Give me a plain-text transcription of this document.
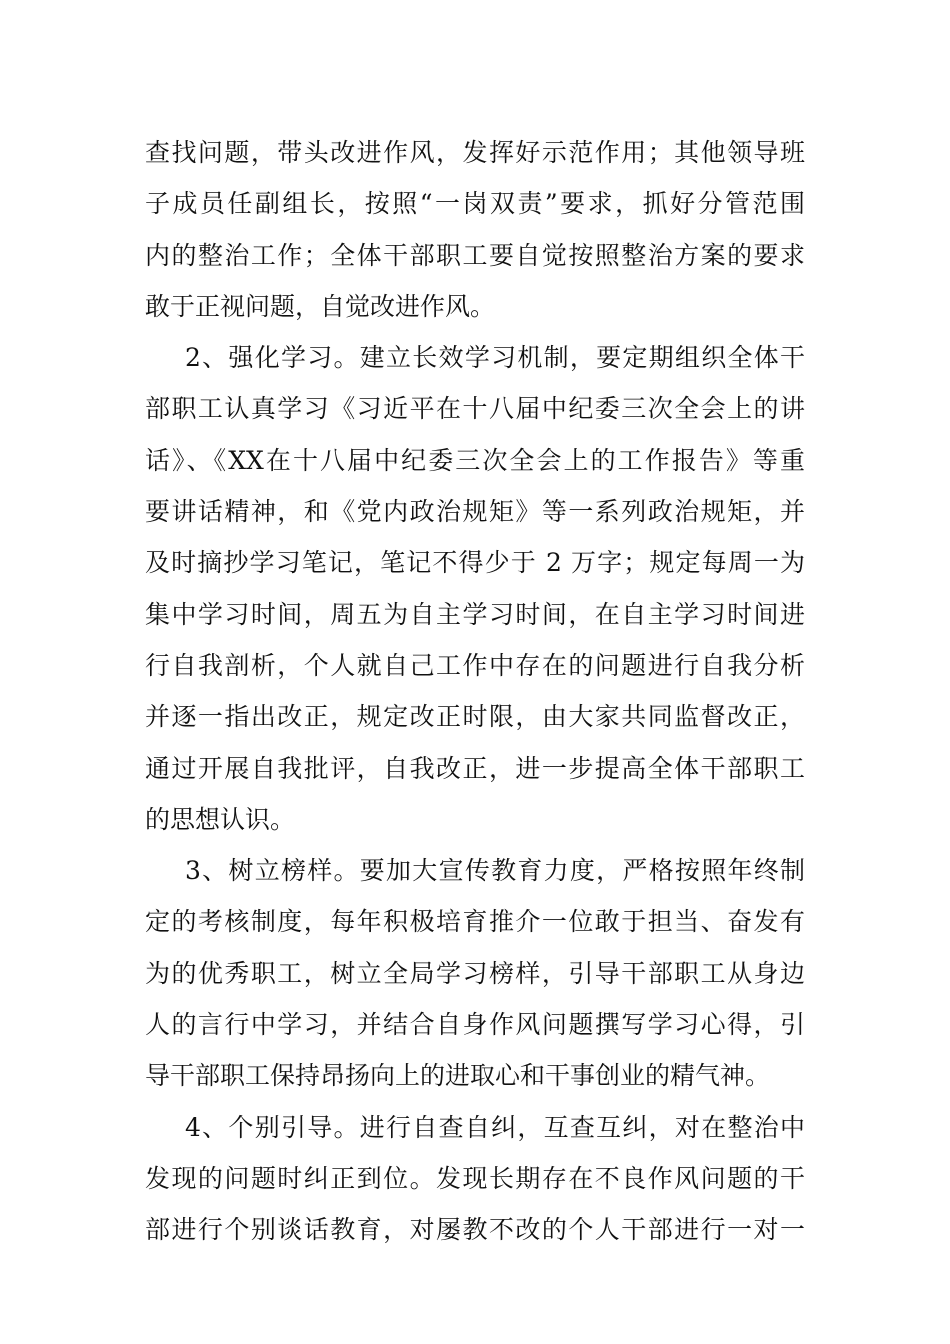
查找问题，带头改进作风，发挥好示范作用；其他领导班
子成员任副组长，按照“一岗双责”要求，抓好分管范围
内的整治工作；全体干部职工要自觉按照整治方案的要求
敢于正视问题，自觉改进作风。
2、强化学习。建立长效学习机制，要定期组织全体干
部职工认真学习《习近平在十八届中纪委三次全会上的讲
话》、《XX在十八届中纪委三次全会上的工作报告》等重
要讲话精神，和《党内政治规矩》等一系列政治规矩，并
及时摘抄学习笔记，笔记不得少于 2 万字；规定每周一为
集中学习时间，周五为自主学习时间，在自主学习时间进
行自我剖析，个人就自己工作中存在的问题进行自我分析
并逐一指出改正，规定改正时限，由大家共同监督改正，
通过开展自我批评，自我改正，进一步提高全体干部职工
的思想认识。
3、树立榜样。要加大宣传教育力度，严格按照年终制
定的考核制度，每年积极培育推介一位敢于担当、奋发有
为的优秀职工，树立全局学习榜样，引导干部职工从身边
人的言行中学习，并结合自身作风问题撰写学习心得，引
导干部职工保持昂扬向上的进取心和干事创业的精气神。
4、个别引导。进行自查自纠，互查互纠，对在整治中
发现的问题时纠正到位。发现长期存在不良作风问题的干
部进行个别谈话教育，对屡教不改的个人干部进行一对一
